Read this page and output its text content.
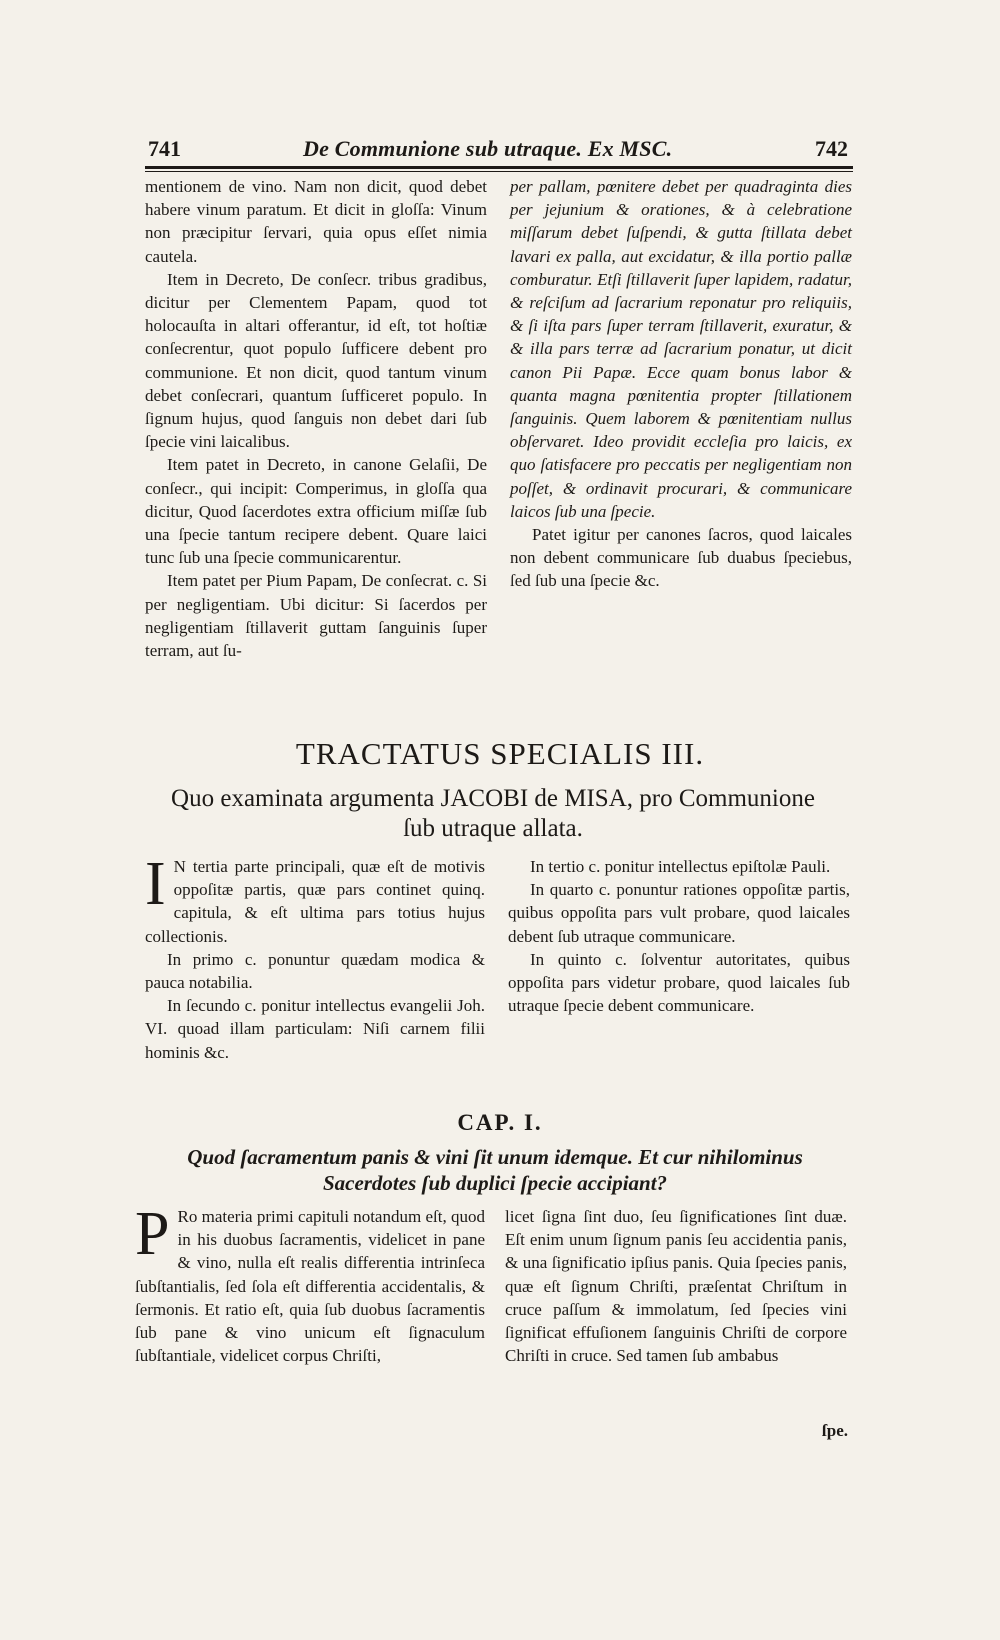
741	De Communione sub utraque. Ex MSC.	742

mentionem de vino. Nam non dicit, quod debet habere vinum paratum. Et dicit in gloſſa: Vinum non præcipitur ſervari, quia opus eſſet nimia cautela.

Item in Decreto, De conſecr. tribus gradibus, dicitur per Clementem Papam, quod tot holocauſta in altari offerantur, id eſt, tot hoſtiæ conſecrentur, quot populo ſufficere debent pro communione. Et non dicit, quod tantum vinum debet conſecrari, quantum ſufficeret populo. In ſignum hujus, quod ſanguis non debet dari ſub ſpecie vini laicalibus.

Item patet in Decreto, in canone Gelaſii, De conſecr., qui incipit: Comperimus, in gloſſa qua dicitur, Quod ſacerdotes extra officium miſſæ ſub una ſpecie tantum recipere debent. Quare laici tunc ſub una ſpecie communicarentur.

Item patet per Pium Papam, De conſecrat. c. Si per negligentiam. Ubi dicitur: Si ſacerdos per negligentiam ſtillaverit guttam ſanguinis ſuper terram, aut ſu-

per pallam, pœnitere debet per quadraginta dies per jejunium & orationes, & à celebratione miſſarum debet ſuſpendi, & gutta ſtillata debet lavari ex palla, aut excidatur, & illa portio pallæ comburatur. Etſi ſtillaverit ſuper lapidem, radatur, & reſciſum ad ſacrarium reponatur pro reliquiis, & ſi iſta pars ſuper terram ſtillaverit, exuratur, & & illa pars terræ ad ſacrarium ponatur, ut dicit canon Pii Papæ. Ecce quam bonus labor & quanta magna pœnitentia propter ſtillationem ſanguinis. Quem laborem & pœnitentiam nullus obſervaret. Ideo providit eccleſia pro laicis, ex quo ſatisfacere pro peccatis per negligentiam non poſſet, & ordinavit procurari, & communicare laicos ſub una ſpecie.

Patet igitur per canones ſacros, quod laicales non debent communicare ſub duabus ſpeciebus, ſed ſub una ſpecie &c.

TRACTATUS SPECIALIS III.
Quo examinata argumenta JACOBI de MISA, pro Communione ſub utraque allata.

I N tertia parte principali, quæ eſt de motivis oppoſitæ partis, quæ pars continet quinq. capitula, & eſt ultima pars totius hujus collectionis.

In primo c. ponuntur quædam modica & pauca notabilia.

In ſecundo c. ponitur intellectus evangelii Joh. VI. quoad illam particulam: Niſi carnem filii hominis &c.

In tertio c. ponitur intellectus epiſtolæ Pauli.

In quarto c. ponuntur rationes oppoſitæ partis, quibus oppoſita pars vult probare, quod laicales debent ſub utraque communicare.

In quinto c. ſolventur autoritates, quibus oppoſita pars videtur probare, quod laicales ſub utraque ſpecie debent communicare.

CAP. I.
Quod ſacramentum panis & vini ſit unum idemque. Et cur nihilominus Sacerdotes ſub duplici ſpecie accipiant?

P Ro materia primi capituli notandum eſt, quod in his duobus ſacramentis, videlicet in pane & vino, nulla eſt realis differentia intrinſeca ſubſtantialis, ſed ſola eſt differentia accidentalis, & ſermonis. Et ratio eſt, quia ſub duobus ſacramentis ſub pane & vino unicum eſt ſignaculum ſubſtantiale, videlicet corpus Chriſti,

licet ſigna ſint duo, ſeu ſignificationes ſint duæ. Eſt enim unum ſignum panis ſeu accidentia panis, & una ſignificatio ipſius panis. Quia ſpecies panis, quæ eſt ſignum Chriſti, præſentat Chriſtum in cruce paſſum & immolatum, ſed ſpecies vini ſignificat effuſionem ſanguinis Chriſti de corpore Chriſti in cruce. Sed tamen ſub ambabus

ſpe.
